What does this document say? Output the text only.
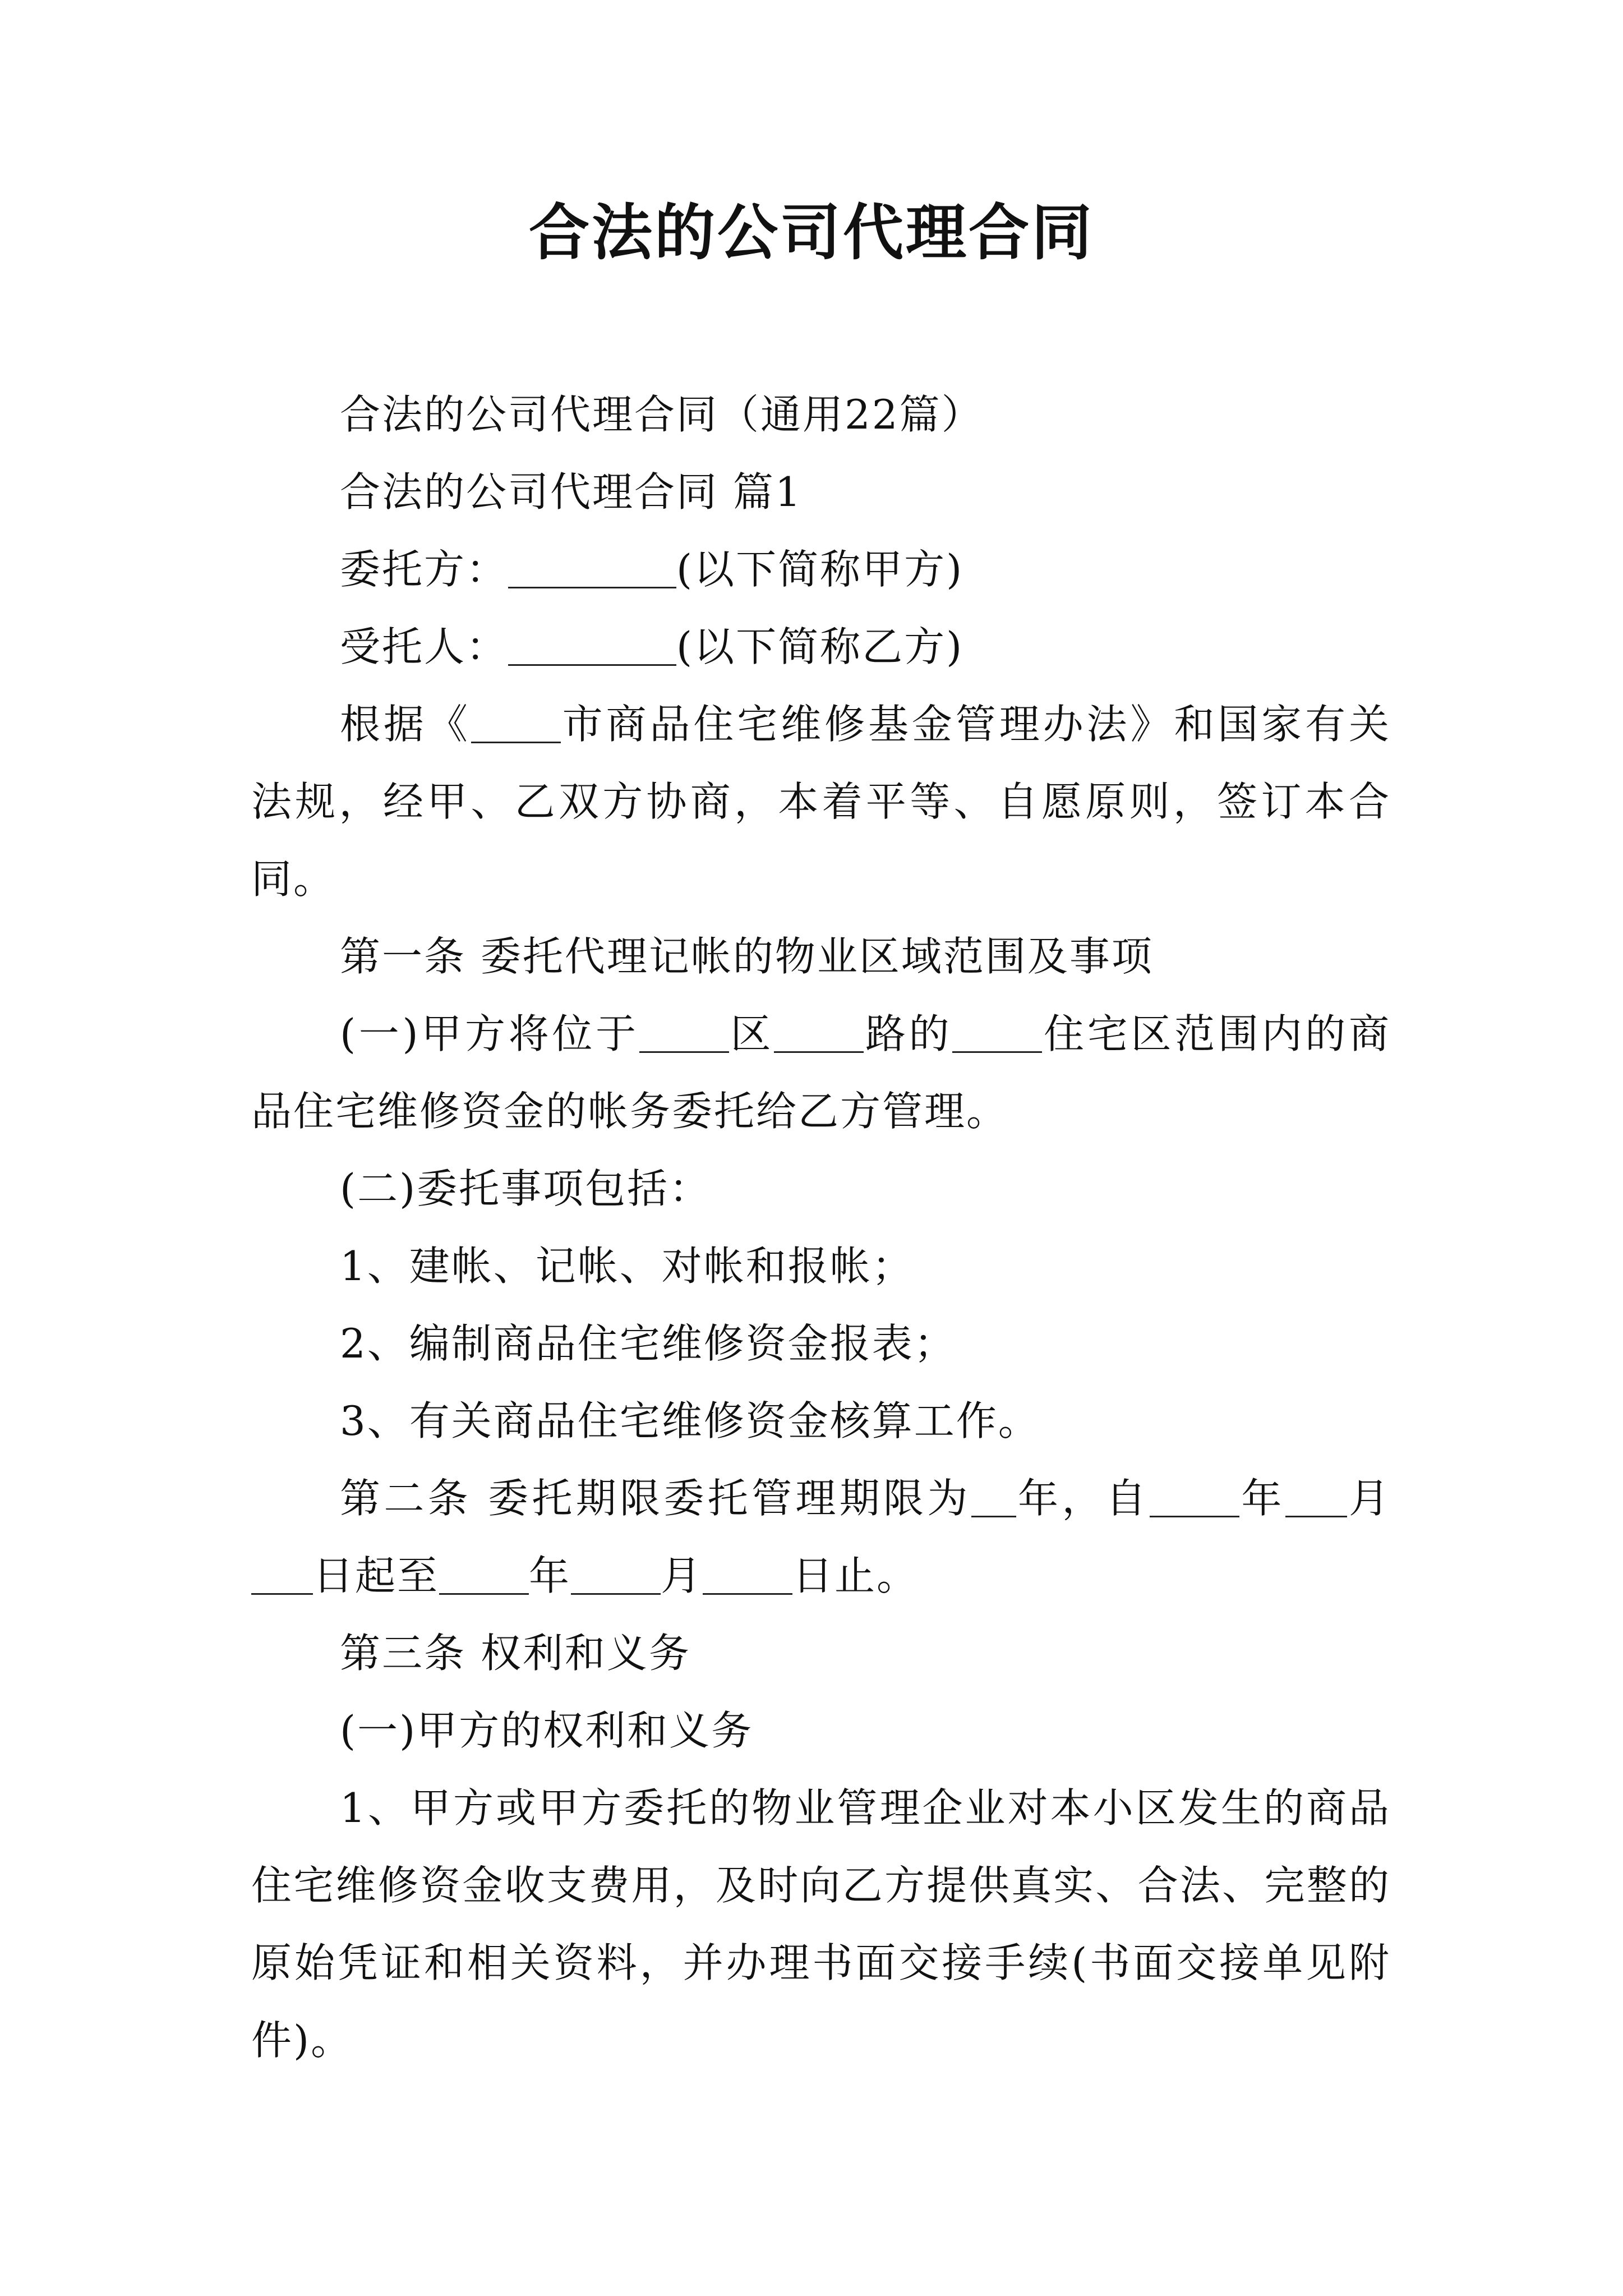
合法的公司代理合同

合法的公司代理合同（通用22篇）

合法的公司代理合同 篇1

委托方：	(以下简称甲方)

受托人：	(以下简称乙方)

根据《 市商品住宅维修基金管理办法》和国家有关法规，经甲、乙双方协商，本着平等、自愿原则，签订本合同。

第一条 委托代理记帐的物业区域范围及事项

(一)甲方将位于 区 路的 住宅区范围内的商品住宅维修资金的帐务委托给乙方管理。

(二)委托事项包括：

1、建帐、记帐、对帐和报帐；

2、编制商品住宅维修资金报表；

3、有关商品住宅维修资金核算工作。

第二条 委托期限委托管理期限为 年，自 年 月日起至 年 月 日止。

第三条 权利和义务

(一)甲方的权利和义务

1、甲方或甲方委托的物业管理企业对本小区发生的商品住宅维修资金收支费用，及时向乙方提供真实、合法、完整的原始凭证和相关资料，并办理书面交接手续(书面交接单见附件)。
